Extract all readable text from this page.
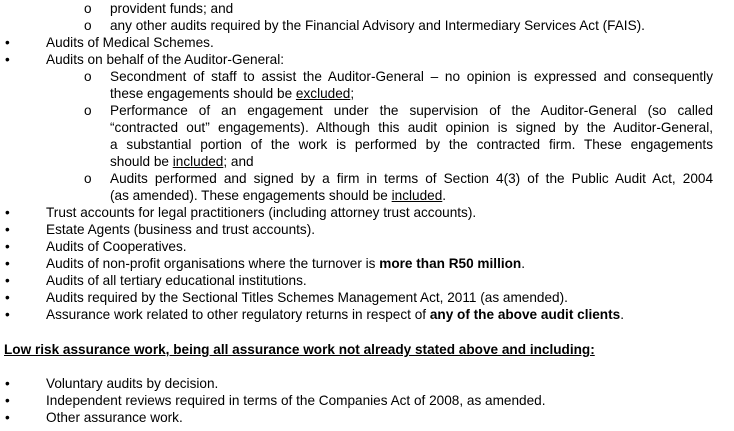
o	provident funds; and
o	any other audits required by the Financial Advisory and Intermediary Services Act (FAIS).
•	Audits of Medical Schemes.
•	Audits on behalf of the Auditor-General:
o	Secondment of staff to assist the Auditor-General – no opinion is expressed and consequently
these engagements should be excluded;
o	Performance of an engagement under the supervision of the Auditor-General (so called
“contracted out” engagements). Although this audit opinion is signed by the Auditor-General,
a substantial portion of the work is performed by the contracted firm. These engagements
should be included; and
o	Audits performed and signed by a firm in terms of Section 4(3) of the Public Audit Act, 2004
(as amended). These engagements should be included.
•	Trust accounts for legal practitioners (including attorney trust accounts).
•	Estate Agents (business and trust accounts).
•	Audits of Cooperatives.
•	Audits of non-profit organisations where the turnover is more than R50 million.
•	Audits of all tertiary educational institutions.
•	Audits required by the Sectional Titles Schemes Management Act, 2011 (as amended).
•	Assurance work related to other regulatory returns in respect of any of the above audit clients.
Low risk assurance work, being all assurance work not already stated above and including:
•	Voluntary audits by decision.
•	Independent reviews required in terms of the Companies Act of 2008, as amended.
•	Other assurance work.
